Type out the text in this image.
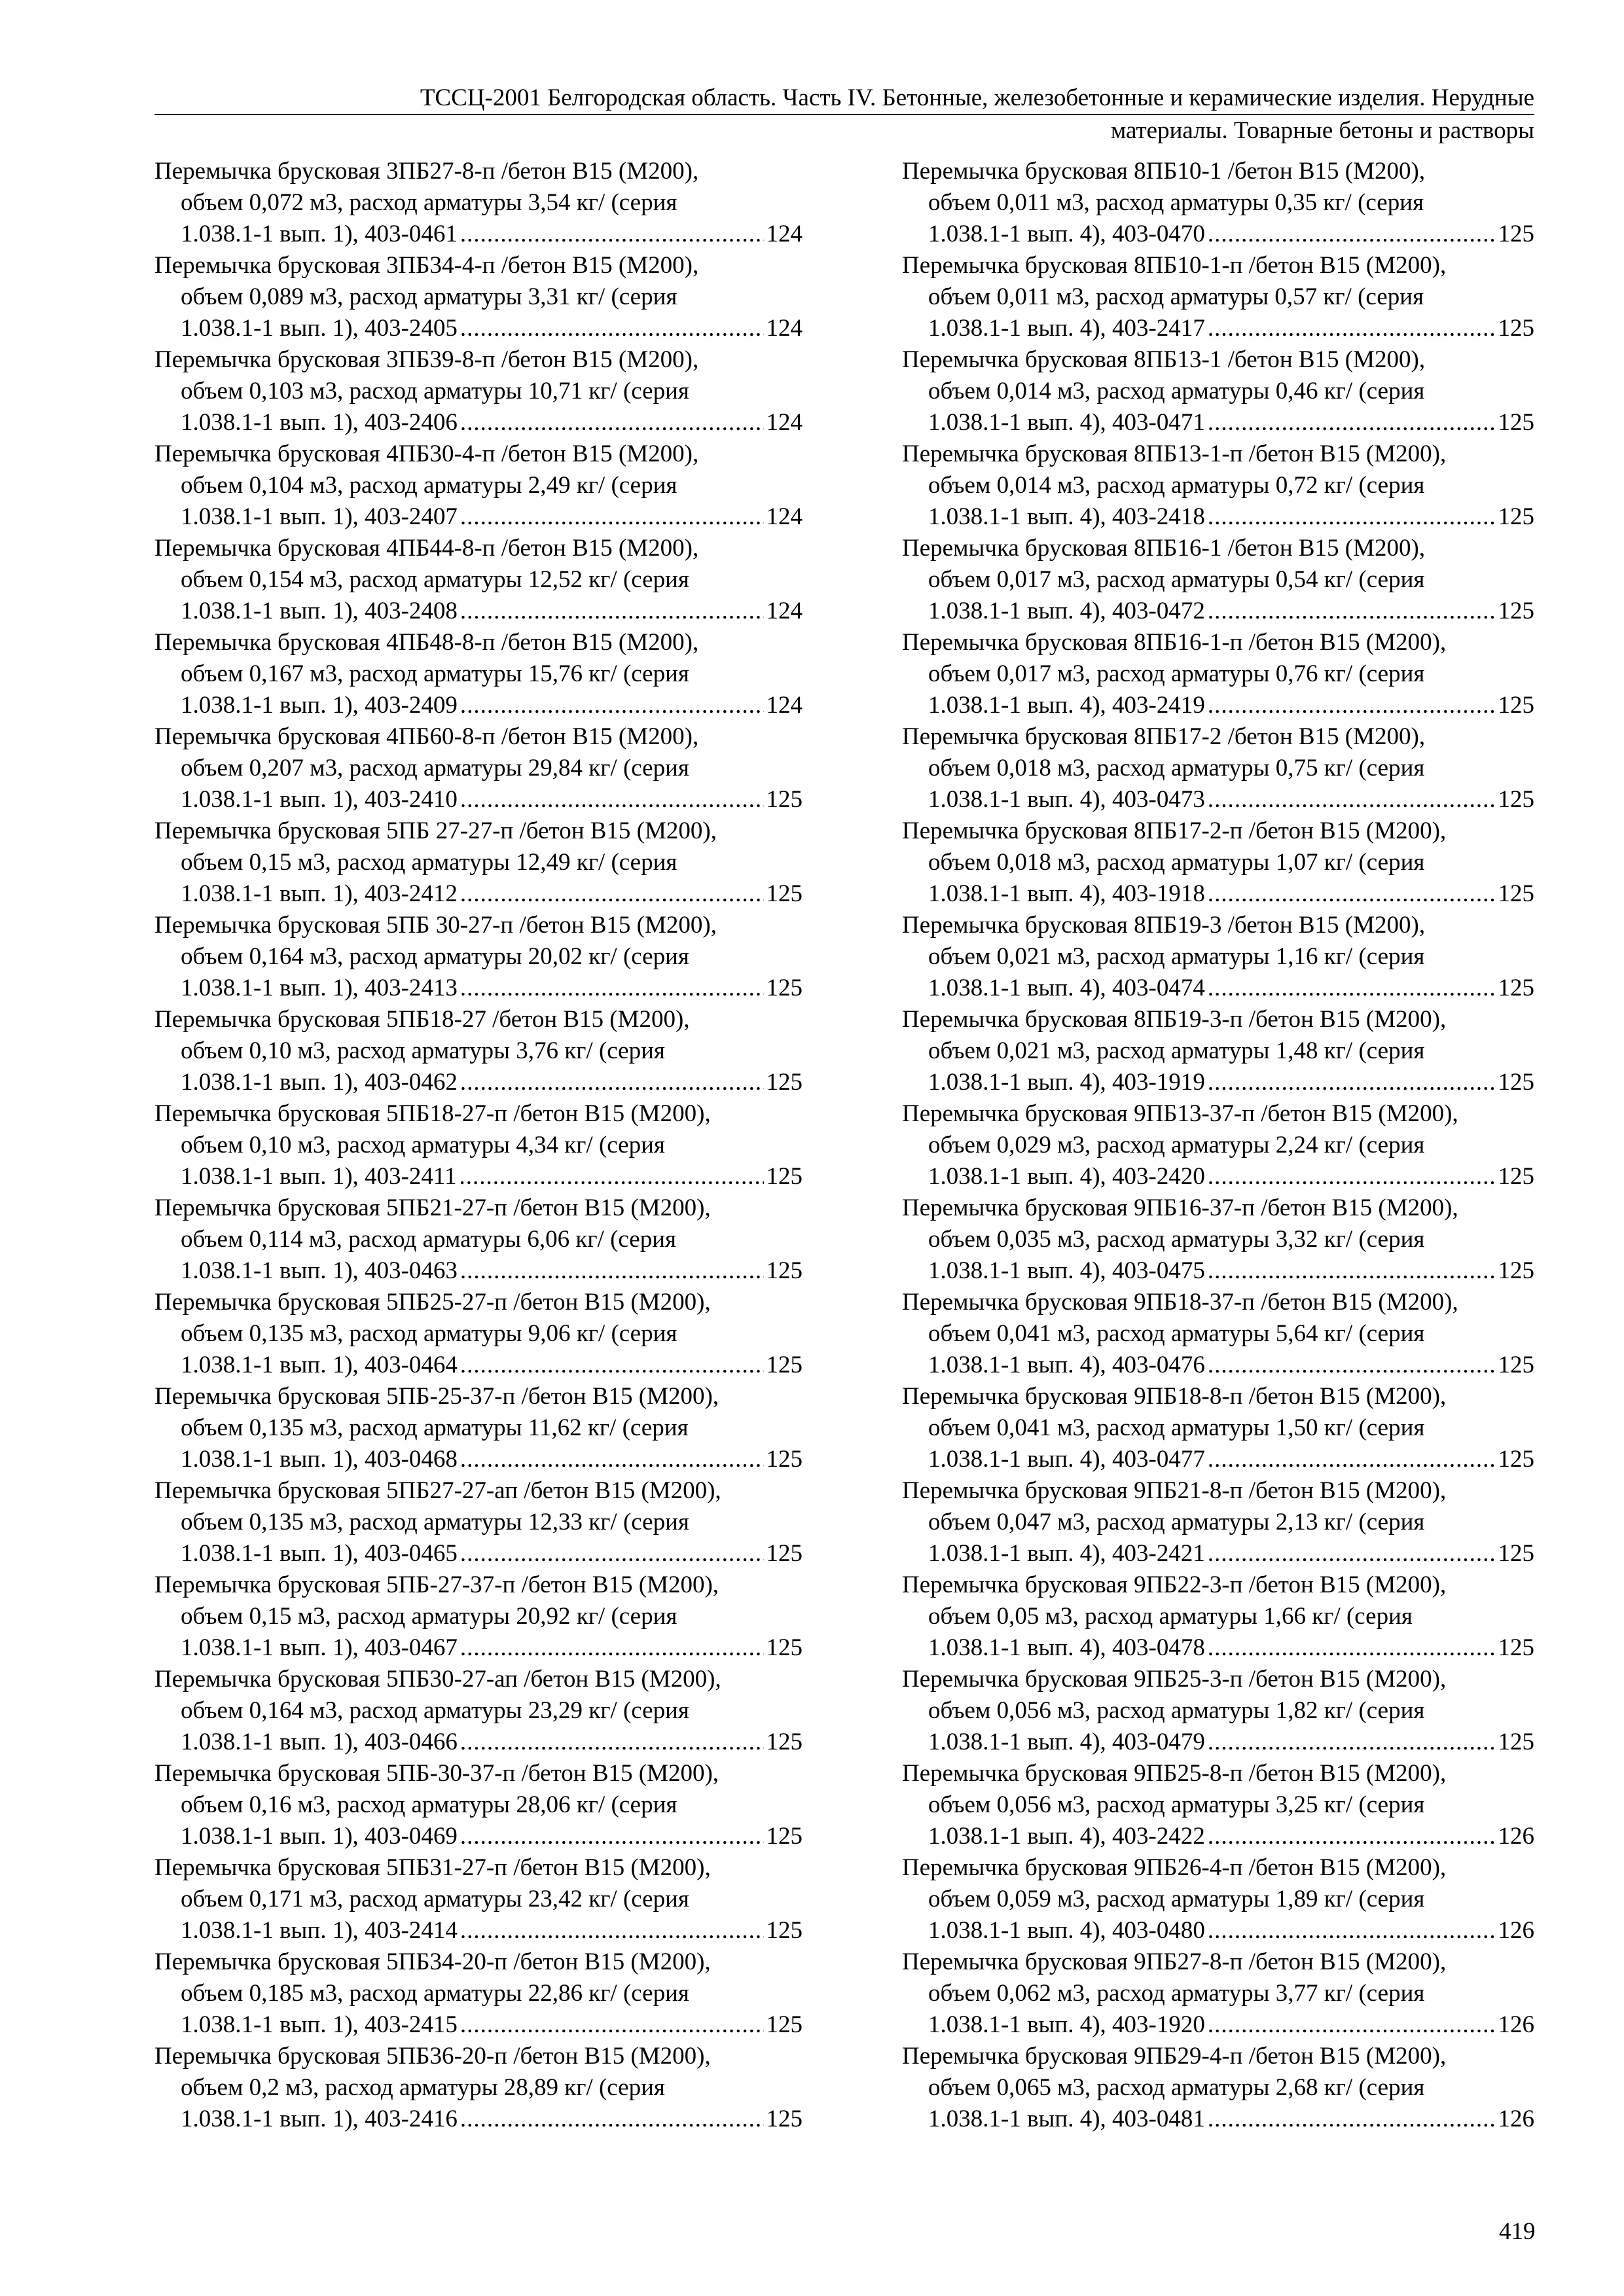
ТССЦ-2001 Белгородская область. Часть IV. Бетонные, железобетонные и керамические изделия. Нерудные
материалы. Товарные бетоны и растворы
Перемычка брусковая 3ПБ27-8-п /бетон B15 (М200),
объем 0,072 м3, расход арматуры 3,54 кг/ (серия
1.038.1-1 вып. 1), 403-0461 .....	124
Перемычка брусковая 3ПБ34-4-п /бетон B15 (М200),
объем 0,089 м3, расход арматуры 3,31 кг/ (серия
1.038.1-1 вып. 1), 403-2405 .....	124
Перемычка брусковая 3ПБ39-8-п /бетон B15 (М200),
объем 0,103 м3, расход арматуры 10,71 кг/ (серия
1.038.1-1 вып. 1), 403-2406 .....	124
Перемычка брусковая 4ПБ30-4-п /бетон B15 (М200),
объем 0,104 м3, расход арматуры 2,49 кг/ (серия
1.038.1-1 вып. 1), 403-2407 .....	124
Перемычка брусковая 4ПБ44-8-п /бетон B15 (М200),
объем 0,154 м3, расход арматуры 12,52 кг/ (серия
1.038.1-1 вып. 1), 403-2408 .....	124
Перемычка брусковая 4ПБ48-8-п /бетон B15 (М200),
объем 0,167 м3, расход арматуры 15,76 кг/ (серия
1.038.1-1 вып. 1), 403-2409 .....	124
Перемычка брусковая 4ПБ60-8-п /бетон B15 (М200),
объем 0,207 м3, расход арматуры 29,84 кг/ (серия
1.038.1-1 вып. 1), 403-2410 .....	125
Перемычка брусковая 5ПБ 27-27-п /бетон B15 (М200),
объем 0,15 м3, расход арматуры 12,49 кг/ (серия
1.038.1-1 вып. 1), 403-2412 .....	125
Перемычка брусковая 5ПБ 30-27-п /бетон B15 (М200),
объем 0,164 м3, расход арматуры 20,02 кг/ (серия
1.038.1-1 вып. 1), 403-2413 .....	125
Перемычка брусковая 5ПБ18-27 /бетон B15 (М200),
объем 0,10 м3, расход арматуры 3,76 кг/ (серия
1.038.1-1 вып. 1), 403-0462 .....	125
Перемычка брусковая 5ПБ18-27-п /бетон B15 (М200),
объем 0,10 м3, расход арматуры 4,34 кг/ (серия
1.038.1-1 вып. 1), 403-2411 .....	125
Перемычка брусковая 5ПБ21-27-п /бетон B15 (М200),
объем 0,114 м3, расход арматуры 6,06 кг/ (серия
1.038.1-1 вып. 1), 403-0463 .....	125
Перемычка брусковая 5ПБ25-27-п /бетон B15 (М200),
объем 0,135 м3, расход арматуры 9,06 кг/ (серия
1.038.1-1 вып. 1), 403-0464 .....	125
Перемычка брусковая 5ПБ-25-37-п /бетон B15 (М200),
объем 0,135 м3, расход арматуры 11,62 кг/ (серия
1.038.1-1 вып. 1), 403-0468 .....	125
Перемычка брусковая 5ПБ27-27-ап /бетон B15 (М200),
объем 0,135 м3, расход арматуры 12,33 кг/ (серия
1.038.1-1 вып. 1), 403-0465 .....	125
Перемычка брусковая 5ПБ-27-37-п /бетон B15 (М200),
объем 0,15 м3, расход арматуры 20,92 кг/ (серия
1.038.1-1 вып. 1), 403-0467 .....	125
Перемычка брусковая 5ПБ30-27-ап /бетон B15 (М200),
объем 0,164 м3, расход арматуры 23,29 кг/ (серия
1.038.1-1 вып. 1), 403-0466 .....	125
Перемычка брусковая 5ПБ-30-37-п /бетон B15 (М200),
объем 0,16 м3, расход арматуры 28,06 кг/ (серия
1.038.1-1 вып. 1), 403-0469 .....	125
Перемычка брусковая 5ПБ31-27-п /бетон B15 (М200),
объем 0,171 м3, расход арматуры 23,42 кг/ (серия
1.038.1-1 вып. 1), 403-2414 .....	125
Перемычка брусковая 5ПБ34-20-п /бетон B15 (М200),
объем 0,185 м3, расход арматуры 22,86 кг/ (серия
1.038.1-1 вып. 1), 403-2415 .....	125
Перемычка брусковая 5ПБ36-20-п /бетон B15 (М200),
объем 0,2 м3, расход арматуры 28,89 кг/ (серия
1.038.1-1 вып. 1), 403-2416 .....	125
Перемычка брусковая 8ПБ10-1 /бетон B15 (М200),
объем 0,011 м3, расход арматуры 0,35 кг/ (серия
1.038.1-1 вып. 4), 403-0470 .....	125
Перемычка брусковая 8ПБ10-1-п /бетон B15 (М200),
объем 0,011 м3, расход арматуры 0,57 кг/ (серия
1.038.1-1 вып. 4), 403-2417 .....	125
Перемычка брусковая 8ПБ13-1 /бетон B15 (М200),
объем 0,014 м3, расход арматуры 0,46 кг/ (серия
1.038.1-1 вып. 4), 403-0471 .....	125
Перемычка брусковая 8ПБ13-1-п /бетон B15 (М200),
объем 0,014 м3, расход арматуры 0,72 кг/ (серия
1.038.1-1 вып. 4), 403-2418 .....	125
Перемычка брусковая 8ПБ16-1 /бетон B15 (М200),
объем 0,017 м3, расход арматуры 0,54 кг/ (серия
1.038.1-1 вып. 4), 403-0472 .....	125
Перемычка брусковая 8ПБ16-1-п /бетон B15 (М200),
объем 0,017 м3, расход арматуры 0,76 кг/ (серия
1.038.1-1 вып. 4), 403-2419 .....	125
Перемычка брусковая 8ПБ17-2 /бетон B15 (М200),
объем 0,018 м3, расход арматуры 0,75 кг/ (серия
1.038.1-1 вып. 4), 403-0473 .....	125
Перемычка брусковая 8ПБ17-2-п /бетон B15 (М200),
объем 0,018 м3, расход арматуры 1,07 кг/ (серия
1.038.1-1 вып. 4), 403-1918 .....	125
Перемычка брусковая 8ПБ19-3 /бетон B15 (М200),
объем 0,021 м3, расход арматуры 1,16 кг/ (серия
1.038.1-1 вып. 4), 403-0474 .....	125
Перемычка брусковая 8ПБ19-3-п /бетон B15 (М200),
объем 0,021 м3, расход арматуры 1,48 кг/ (серия
1.038.1-1 вып. 4), 403-1919 .....	125
Перемычка брусковая 9ПБ13-37-п /бетон B15 (М200),
объем 0,029 м3, расход арматуры 2,24 кг/ (серия
1.038.1-1 вып. 4), 403-2420 .....	125
Перемычка брусковая 9ПБ16-37-п /бетон B15 (М200),
объем 0,035 м3, расход арматуры 3,32 кг/ (серия
1.038.1-1 вып. 4), 403-0475 .....	125
Перемычка брусковая 9ПБ18-37-п /бетон B15 (М200),
объем 0,041 м3, расход арматуры 5,64 кг/ (серия
1.038.1-1 вып. 4), 403-0476 .....	125
Перемычка брусковая 9ПБ18-8-п /бетон B15 (М200),
объем 0,041 м3, расход арматуры 1,50 кг/ (серия
1.038.1-1 вып. 4), 403-0477 .....	125
Перемычка брусковая 9ПБ21-8-п /бетон B15 (М200),
объем 0,047 м3, расход арматуры 2,13 кг/ (серия
1.038.1-1 вып. 4), 403-2421 .....	125
Перемычка брусковая 9ПБ22-3-п /бетон B15 (М200),
объем 0,05 м3, расход арматуры 1,66 кг/ (серия
1.038.1-1 вып. 4), 403-0478 .....	125
Перемычка брусковая 9ПБ25-3-п /бетон B15 (М200),
объем 0,056 м3, расход арматуры 1,82 кг/ (серия
1.038.1-1 вып. 4), 403-0479 .....	125
Перемычка брусковая 9ПБ25-8-п /бетон B15 (М200),
объем 0,056 м3, расход арматуры 3,25 кг/ (серия
1.038.1-1 вып. 4), 403-2422 .....	126
Перемычка брусковая 9ПБ26-4-п /бетон B15 (М200),
объем 0,059 м3, расход арматуры 1,89 кг/ (серия
1.038.1-1 вып. 4), 403-0480 .....	126
Перемычка брусковая 9ПБ27-8-п /бетон B15 (М200),
объем 0,062 м3, расход арматуры 3,77 кг/ (серия
1.038.1-1 вып. 4), 403-1920 .....	126
Перемычка брусковая 9ПБ29-4-п /бетон B15 (М200),
объем 0,065 м3, расход арматуры 2,68 кг/ (серия
1.038.1-1 вып. 4), 403-0481 .....	126
419
